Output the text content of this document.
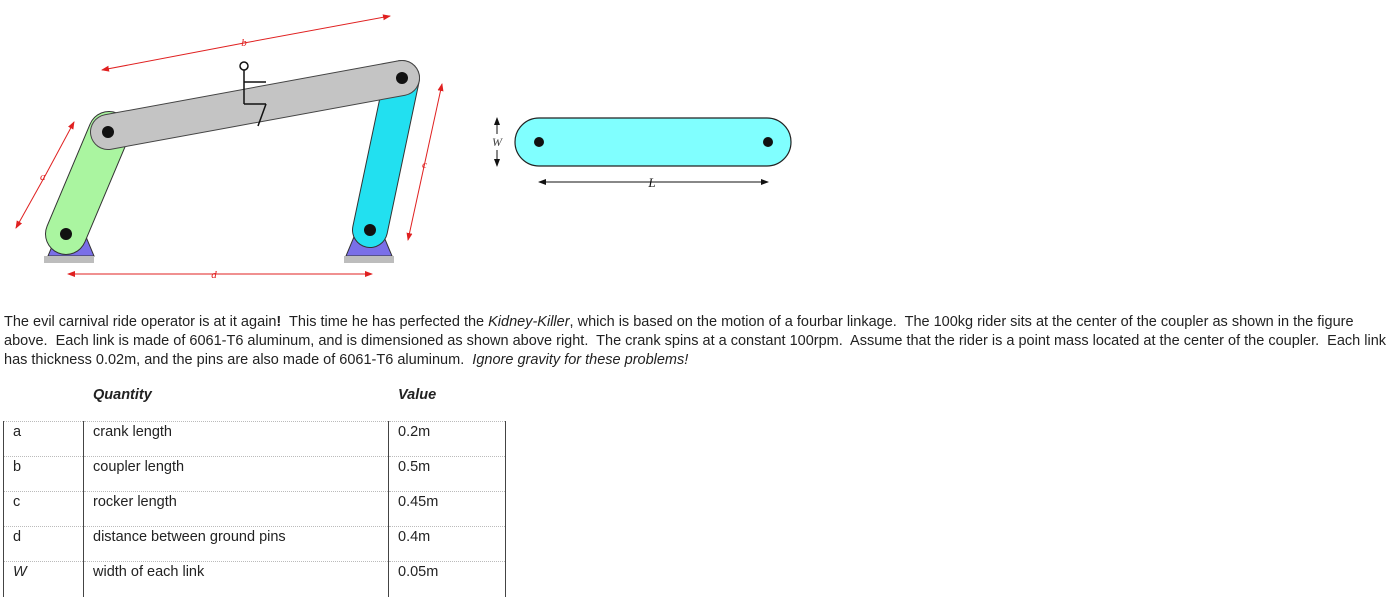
b
a
c
d
W
L

The evil carnival ride operator is at it again!  This time he has perfected the Kidney-Killer, which is based on the motion of a fourbar linkage.  The 100kg rider sits at the center of the coupler as shown in the figure above.  Each link is made of 6061-T6 aluminum, and is dimensioned as shown above right.  The crank spins at a constant 100rpm.  Assume that the rider is a point mass located at the center of the coupler.  Each link has thickness 0.02m, and the pins are also made of 6061-T6 aluminum.  Ignore gravity for these problems!

Quantity	Value
a	crank length	0.2m
b	coupler length	0.5m
c	rocker length	0.45m
d	distance between ground pins	0.4m
W	width of each link	0.05m
